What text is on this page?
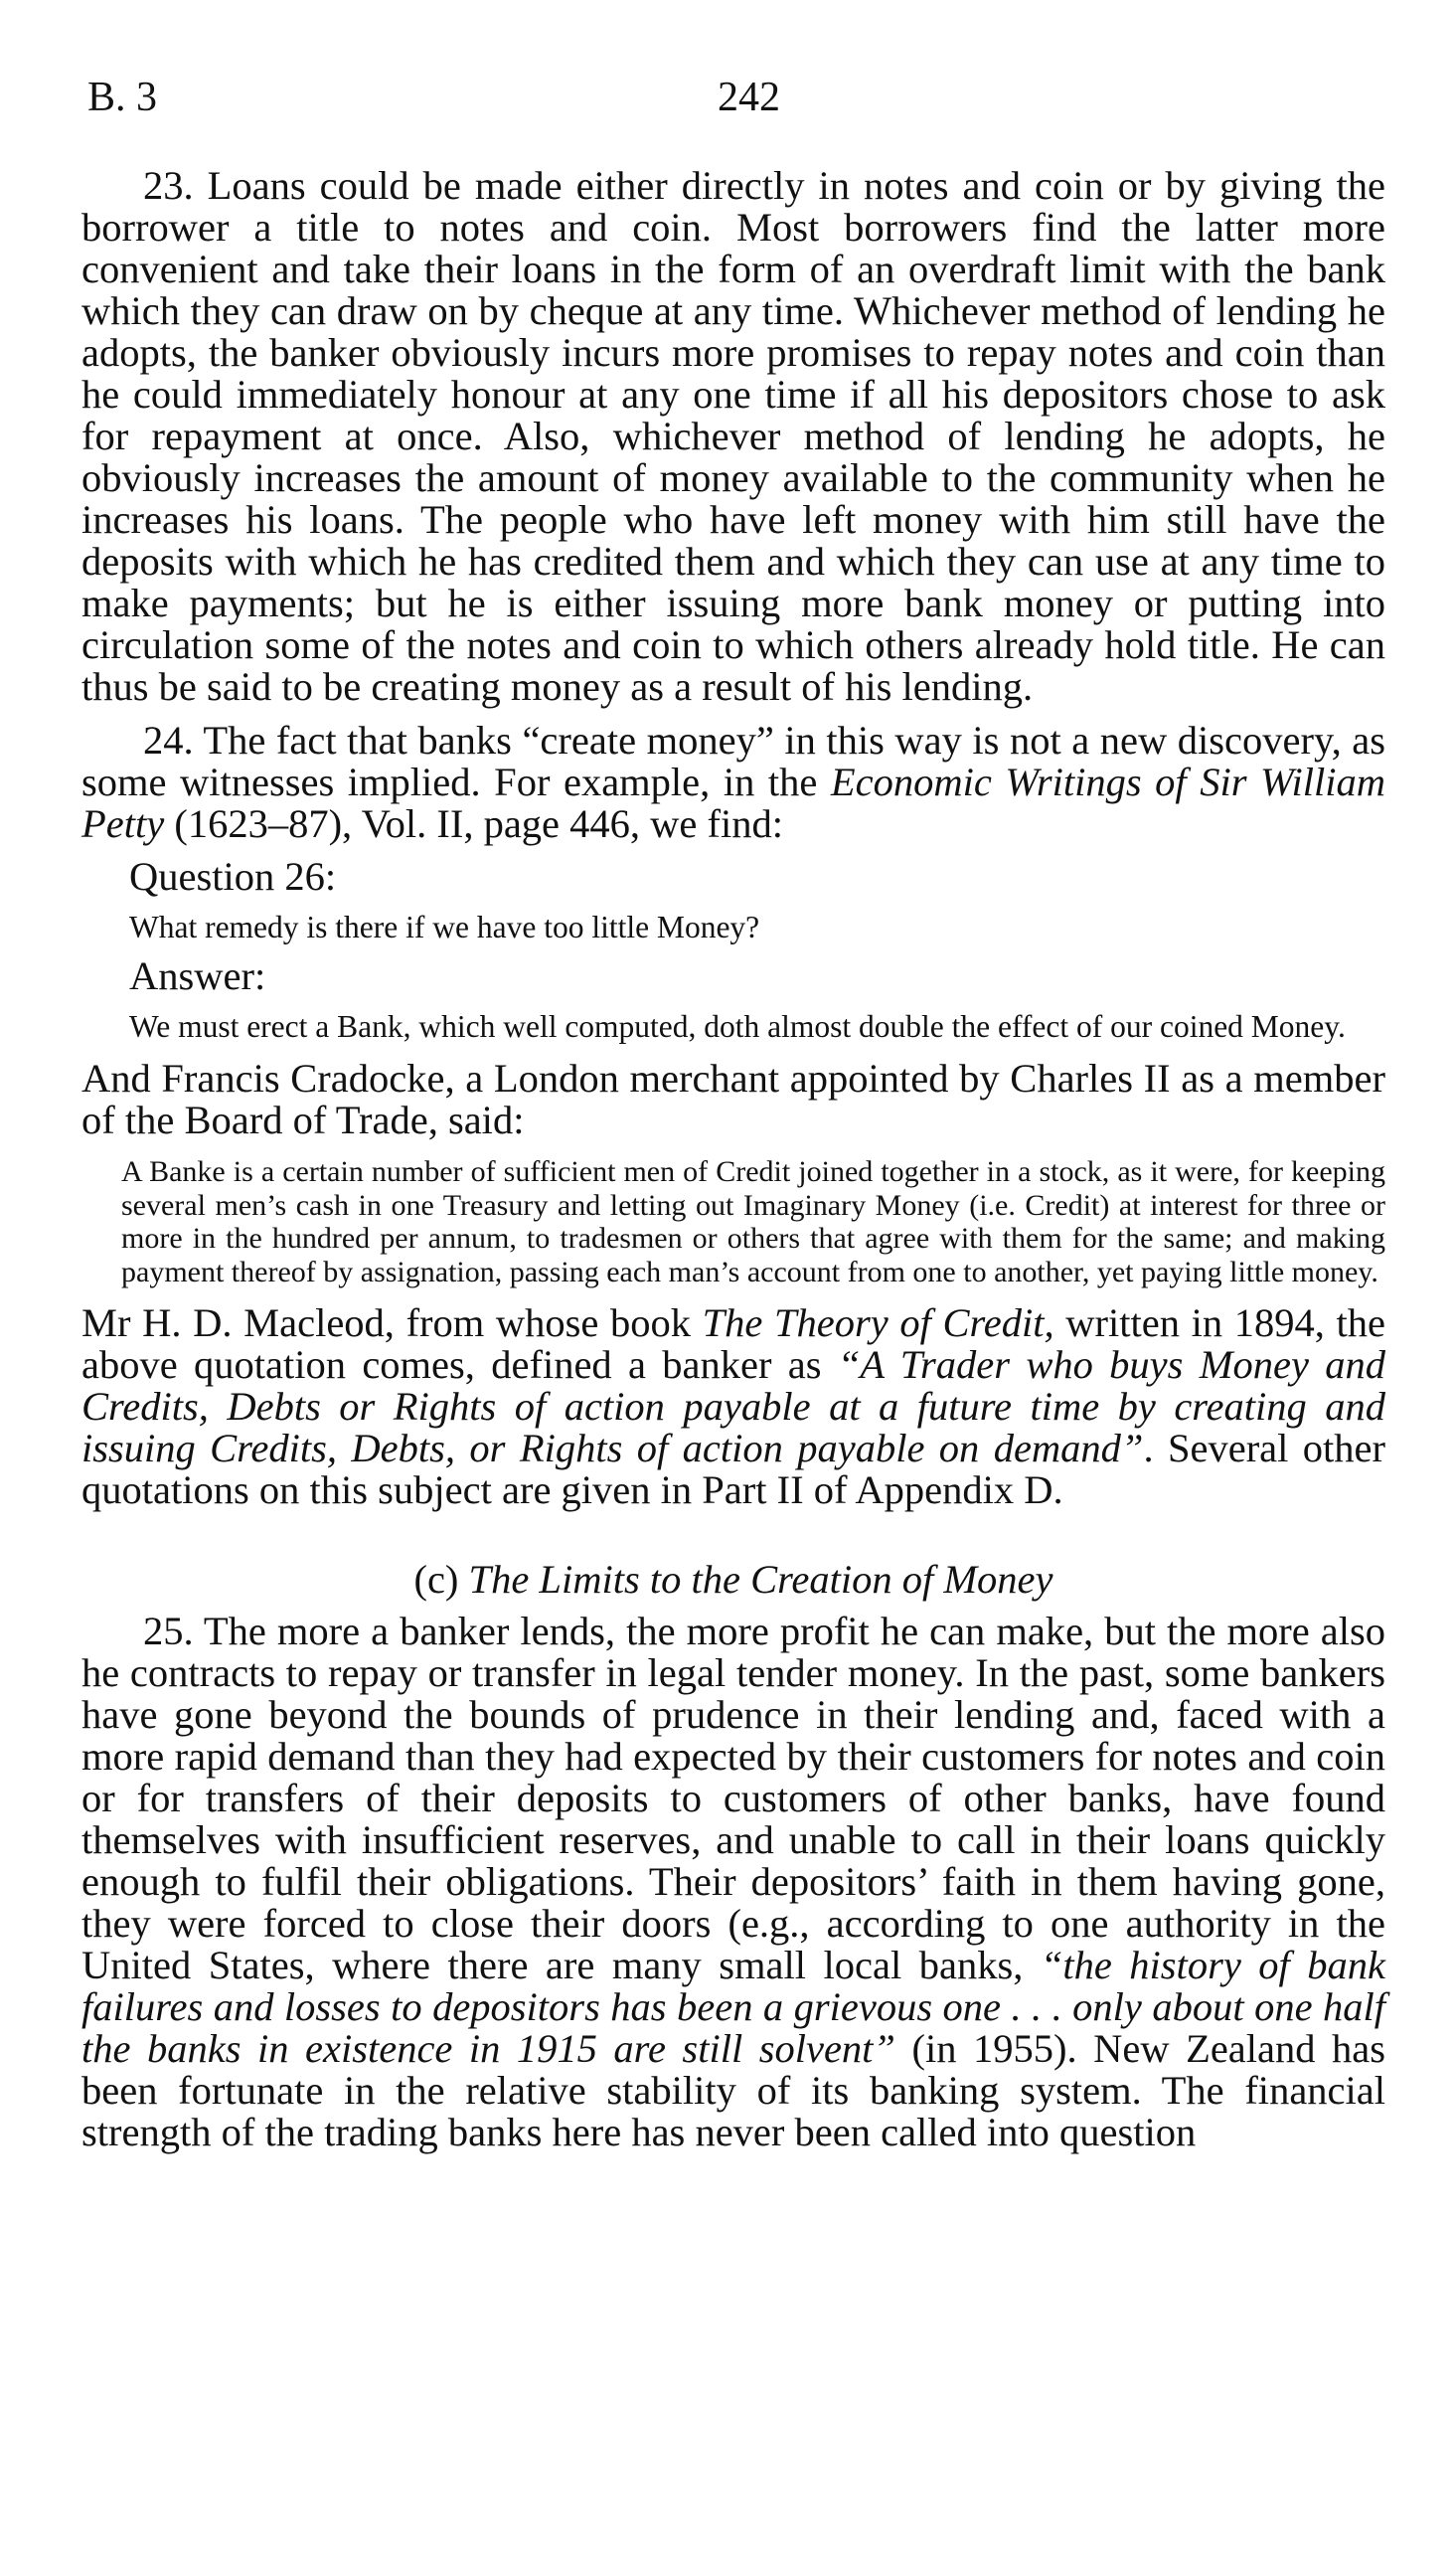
B. 3	242

23. Loans could be made either directly in notes and coin or by giving the borrower a title to notes and coin. Most borrowers find the latter more convenient and take their loans in the form of an overdraft limit with the bank which they can draw on by cheque at any time. Whichever method of lending he adopts, the banker obviously incurs more promises to repay notes and coin than he could immediately honour at any one time if all his depositors chose to ask for repayment at once. Also, whichever method of lending he adopts, he obviously increases the amount of money available to the community when he increases his loans. The people who have left money with him still have the deposits with which he has credited them and which they can use at any time to make payments; but he is either issuing more bank money or putting into circulation some of the notes and coin to which others already hold title. He can thus be said to be creating money as a result of his lending.

24. The fact that banks “create money” in this way is not a new discovery, as some witnesses implied. For example, in the Economic Writings of Sir William Petty (1623–87), Vol. II, page 446, we find:

Question 26:
What remedy is there if we have too little Money?
Answer:
We must erect a Bank, which well computed, doth almost double the effect of our coined Money.

And Francis Cradocke, a London merchant appointed by Charles II as a member of the Board of Trade, said:

A Banke is a certain number of sufficient men of Credit joined together in a stock, as it were, for keeping several men’s cash in one Treasury and letting out Imaginary Money (i.e. Credit) at interest for three or more in the hundred per annum, to tradesmen or others that agree with them for the same; and making payment thereof by assignation, passing each man’s account from one to another, yet paying little money.

Mr H. D. Macleod, from whose book The Theory of Credit, written in 1894, the above quotation comes, defined a banker as “A Trader who buys Money and Credits, Debts or Rights of action payable at a future time by creating and issuing Credits, Debts, or Rights of action payable on demand”. Several other quotations on this subject are given in Part II of Appendix D.

(c) The Limits to the Creation of Money

25. The more a banker lends, the more profit he can make, but the more also he contracts to repay or transfer in legal tender money. In the past, some bankers have gone beyond the bounds of prudence in their lending and, faced with a more rapid demand than they had expected by their customers for notes and coin or for transfers of their deposits to customers of other banks, have found themselves with insufficient reserves, and unable to call in their loans quickly enough to fulfil their obligations. Their depositors’ faith in them having gone, they were forced to close their doors (e.g., according to one authority in the United States, where there are many small local banks, “the history of bank failures and losses to depositors has been a grievous one . . . only about one half the banks in existence in 1915 are still solvent” (in 1955). New Zealand has been fortunate in the relative stability of its banking system. The financial strength of the trading banks here has never been called into question
